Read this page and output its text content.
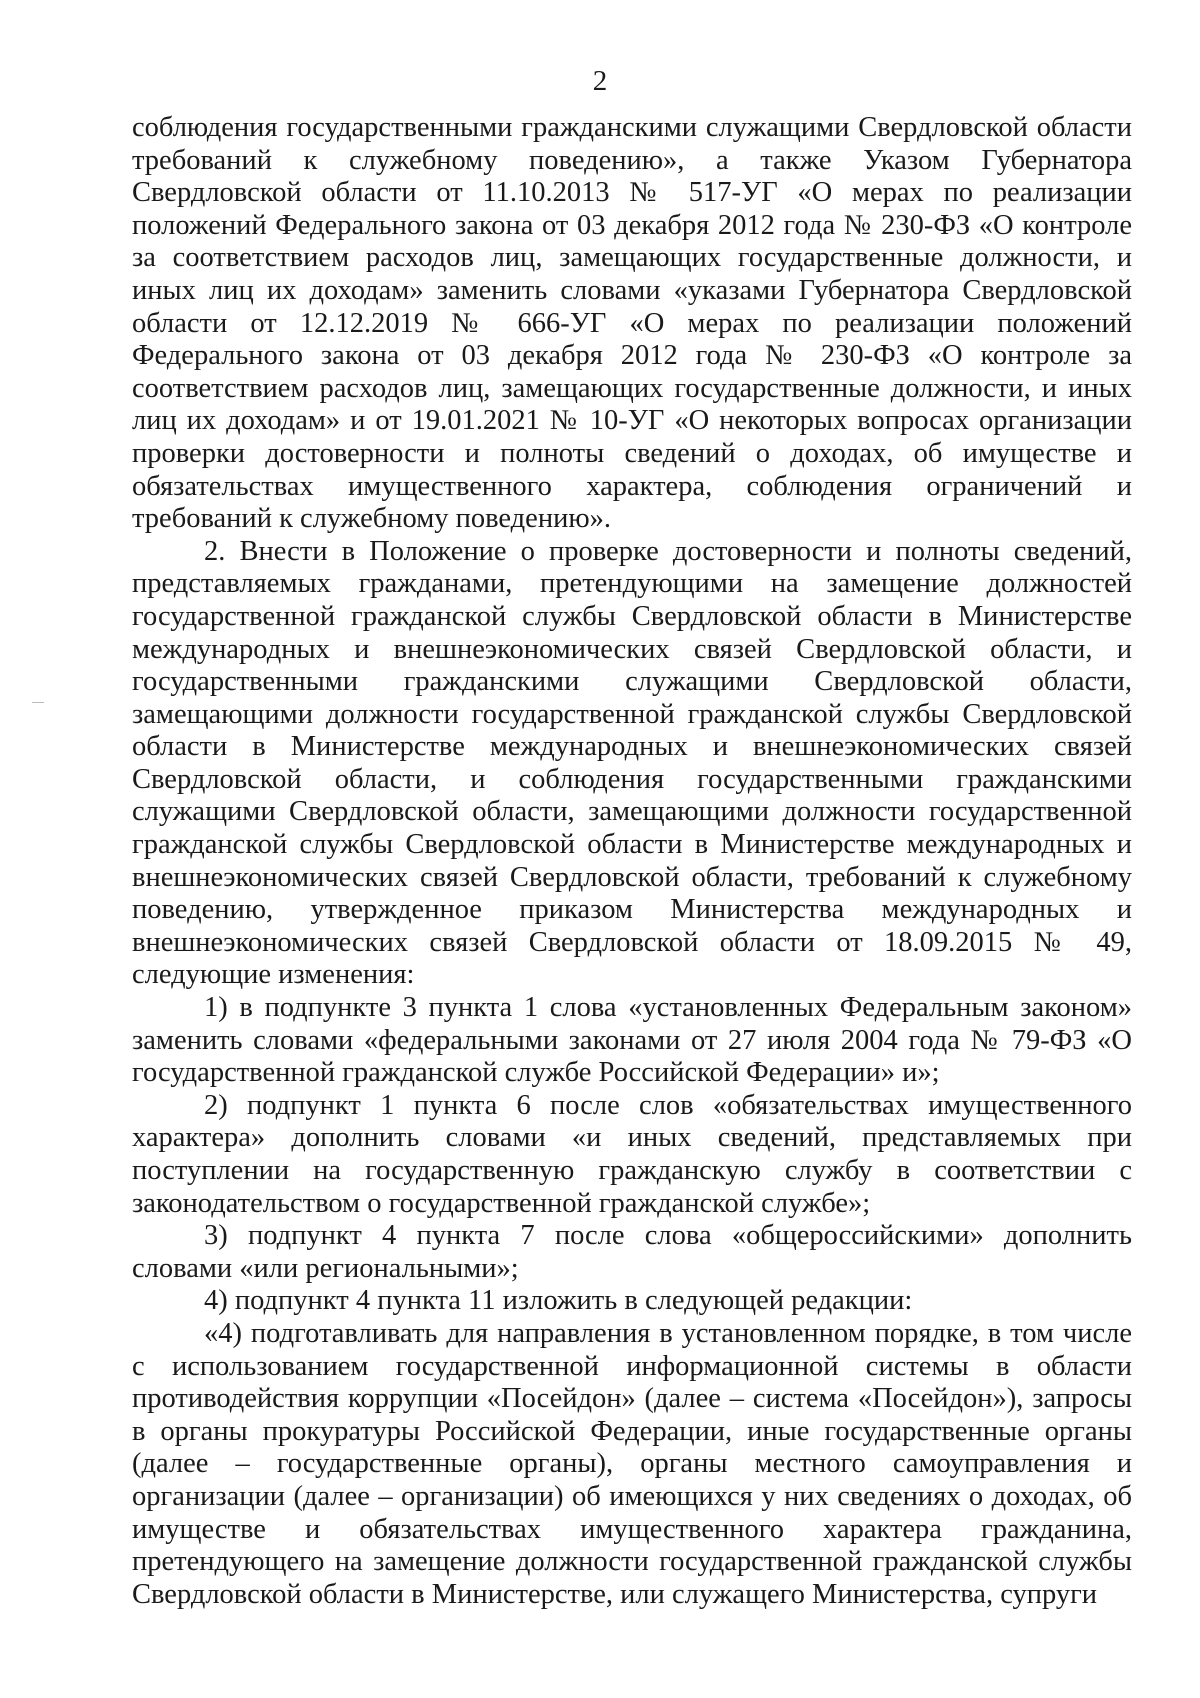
2

соблюдения государственными гражданскими служащими Свердловской области требований к служебному поведению», а также Указом Губернатора Свердловской области от 11.10.2013 № 517-УГ «О мерах по реализации положений Федерального закона от 03 декабря 2012 года № 230-ФЗ «О контроле за соответствием расходов лиц, замещающих государственные должности, и иных лиц их доходам» заменить словами «указами Губернатора Свердловской области от 12.12.2019 № 666-УГ «О мерах по реализации положений Федерального закона от 03 декабря 2012 года № 230-ФЗ «О контроле за соответствием расходов лиц, замещающих государственные должности, и иных лиц их доходам» и от 19.01.2021 № 10-УГ «О некоторых вопросах организации проверки достоверности и полноты сведений о доходах, об имуществе и обязательствах имущественного характера, соблюдения ограничений и требований к служебному поведению».

2. Внести в Положение о проверке достоверности и полноты сведений, представляемых гражданами, претендующими на замещение должностей государственной гражданской службы Свердловской области в Министерстве международных и внешнеэкономических связей Свердловской области, и государственными гражданскими служащими Свердловской области, замещающими должности государственной гражданской службы Свердловской области в Министерстве международных и внешнеэкономических связей Свердловской области, и соблюдения государственными гражданскими служащими Свердловской области, замещающими должности государственной гражданской службы Свердловской области в Министерстве международных и внешнеэкономических связей Свердловской области, требований к служебному поведению, утвержденное приказом Министерства международных и внешнеэкономических связей Свердловской области от 18.09.2015 № 49, следующие изменения:

1) в подпункте 3 пункта 1 слова «установленных Федеральным законом» заменить словами «федеральными законами от 27 июля 2004 года № 79-ФЗ «О государственной гражданской службе Российской Федерации» и»;

2) подпункт 1 пункта 6 после слов «обязательствах имущественного характера» дополнить словами «и иных сведений, представляемых при поступлении на государственную гражданскую службу в соответствии с законодательством о государственной гражданской службе»;

3) подпункт 4 пункта 7 после слова «общероссийскими» дополнить словами «или региональными»;

4) подпункт 4 пункта 11 изложить в следующей редакции:

«4) подготавливать для направления в установленном порядке, в том числе с использованием государственной информационной системы в области противодействия коррупции «Посейдон» (далее – система «Посейдон»), запросы в органы прокуратуры Российской Федерации, иные государственные органы (далее – государственные органы), органы местного самоуправления и организации (далее – организации) об имеющихся у них сведениях о доходах, об имуществе и обязательствах имущественного характера гражданина, претендующего на замещение должности государственной гражданской службы Свердловской области в Министерстве, или служащего Министерства, супруги
